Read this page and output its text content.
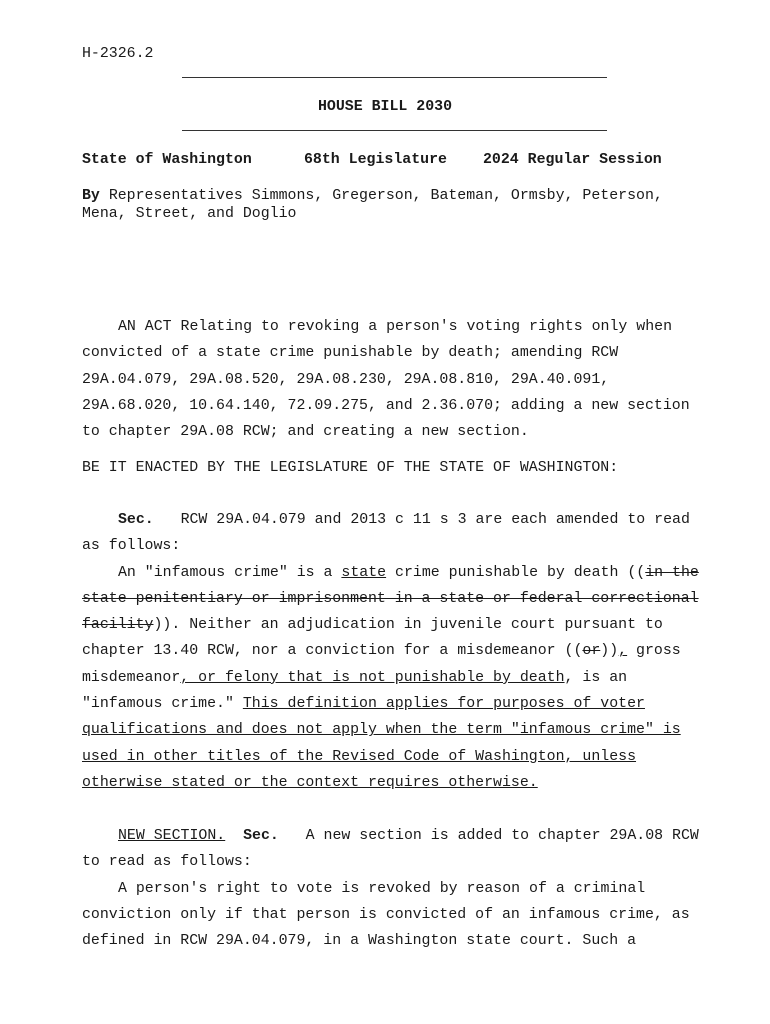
H-2326.2

HOUSE BILL 2030

State of Washington	68th Legislature 2024 Regular Session

By Representatives Simmons, Gregerson, Bateman, Ormsby, Peterson,

Mena, Street, and Doglio

AN ACT Relating to revoking a person's voting rights only when
convicted of a state crime punishable by death; amending RCW
29A.04.079, 29A.08.520, 29A.08.230, 29A.08.810, 29A.40.091,
29A.68.020, 10.64.140, 72.09.275, and 2.36.070; adding a new section
to chapter 29A.08 RCW; and creating a new section.

BE IT ENACTED BY THE LEGISLATURE OF THE STATE OF WASHINGTON:

Sec. RCW 29A.04.079 and 2013 c 11 s 3 are each amended to read
as follows:
An "infamous crime" is a state crime punishable by death ((in the
state penitentiary or imprisonment in a state or federal correctional
facility)). Neither an adjudication in juvenile court pursuant to
chapter 13.40 RCW, nor a conviction for a misdemeanor ((or)), gross
misdemeanor, or felony that is not punishable by death, is an
"infamous crime." This definition applies for purposes of voter
qualifications and does not apply when the term "infamous crime" is
used in other titles of the Revised Code of Washington, unless
otherwise stated or the context requires otherwise.
NEW SECTION. Sec. A new section is added to chapter 29A.08 RCW
to read as follows:
A person's right to vote is revoked by reason of a criminal
conviction only if that person is convicted of an infamous crime, as
defined in RCW 29A.04.079, in a Washington state court. Such a
